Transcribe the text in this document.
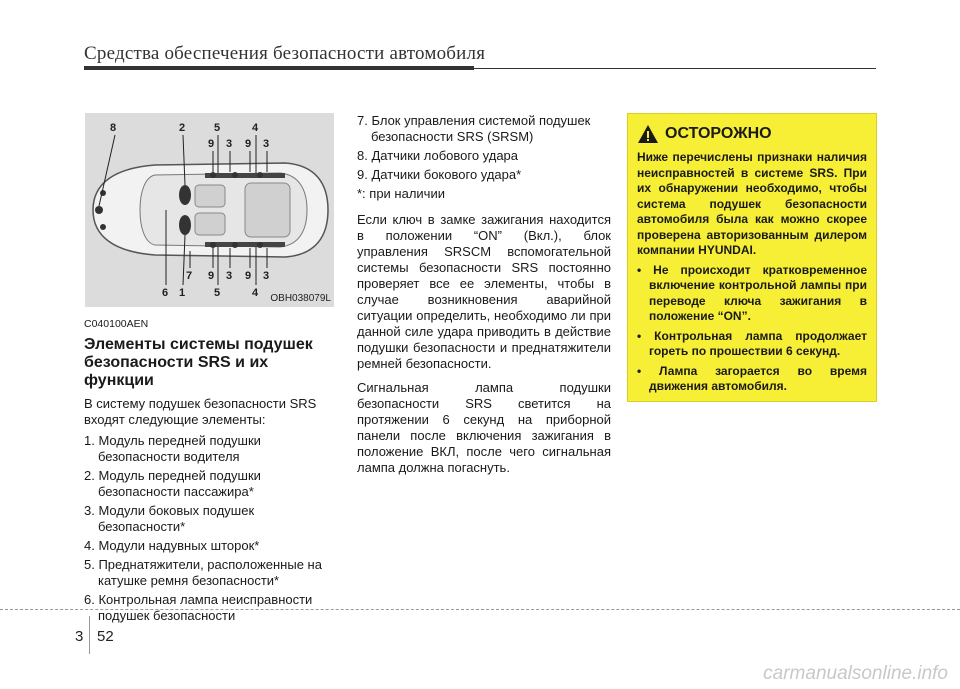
Средства обеспечения безопасности автомобиля
8	2	5	4
9 3 9 3
7 9 3 9 3
6 1	5	4 OBH038079L
C040100AEN
Элементы системы подушек безопасности SRS и их функции
В систему подушек безопасности SRS входят следующие элементы:
1. Модуль передней подушки безопасности водителя
2. Модуль передней подушки безопасности пассажира*
3. Модули боковых подушек безопасности*
4. Модули надувных шторок*
5. Преднатяжители, расположенные на катушке ремня безопасности*
6. Контрольная лампа неисправности подушек безопасности
7. Блок управления системой подушек безопасности SRS (SRSM)
8. Датчики лобового удара
9. Датчики бокового удара*
*: при наличии
Если ключ в замке зажигания находится в положении “ON” (Вкл.), блок управления SRSCM вспомогательной системы безопасности SRS постоянно проверяет все ее элементы, чтобы в случае возникновения аварийной ситуации определить, необходимо ли при данной силе удара приводить в действие подушки безопасности и преднатяжители ремней безопасности.
Сигнальная лампа подушки безопасности SRS светится на протяжении 6 секунд на приборной панели после включения зажигания в положение ВКЛ, после чего сигнальная лампа должна погаснуть.
ОСТОРОЖНО
Ниже перечислены признаки наличия неисправностей в системе SRS. При их обнаружении необходимо, чтобы система подушек безопасности автомобиля была как можно скорее проверена авторизованным дилером компании HYUNDAI.
• Не происходит кратковременное включение контрольной лампы при переводе ключа зажигания в положение “ON”.
• Контрольная лампа продолжает гореть по прошествии 6 секунд.
• Лампа загорается во время движения автомобиля.
3 52
carmanualsonline.info
